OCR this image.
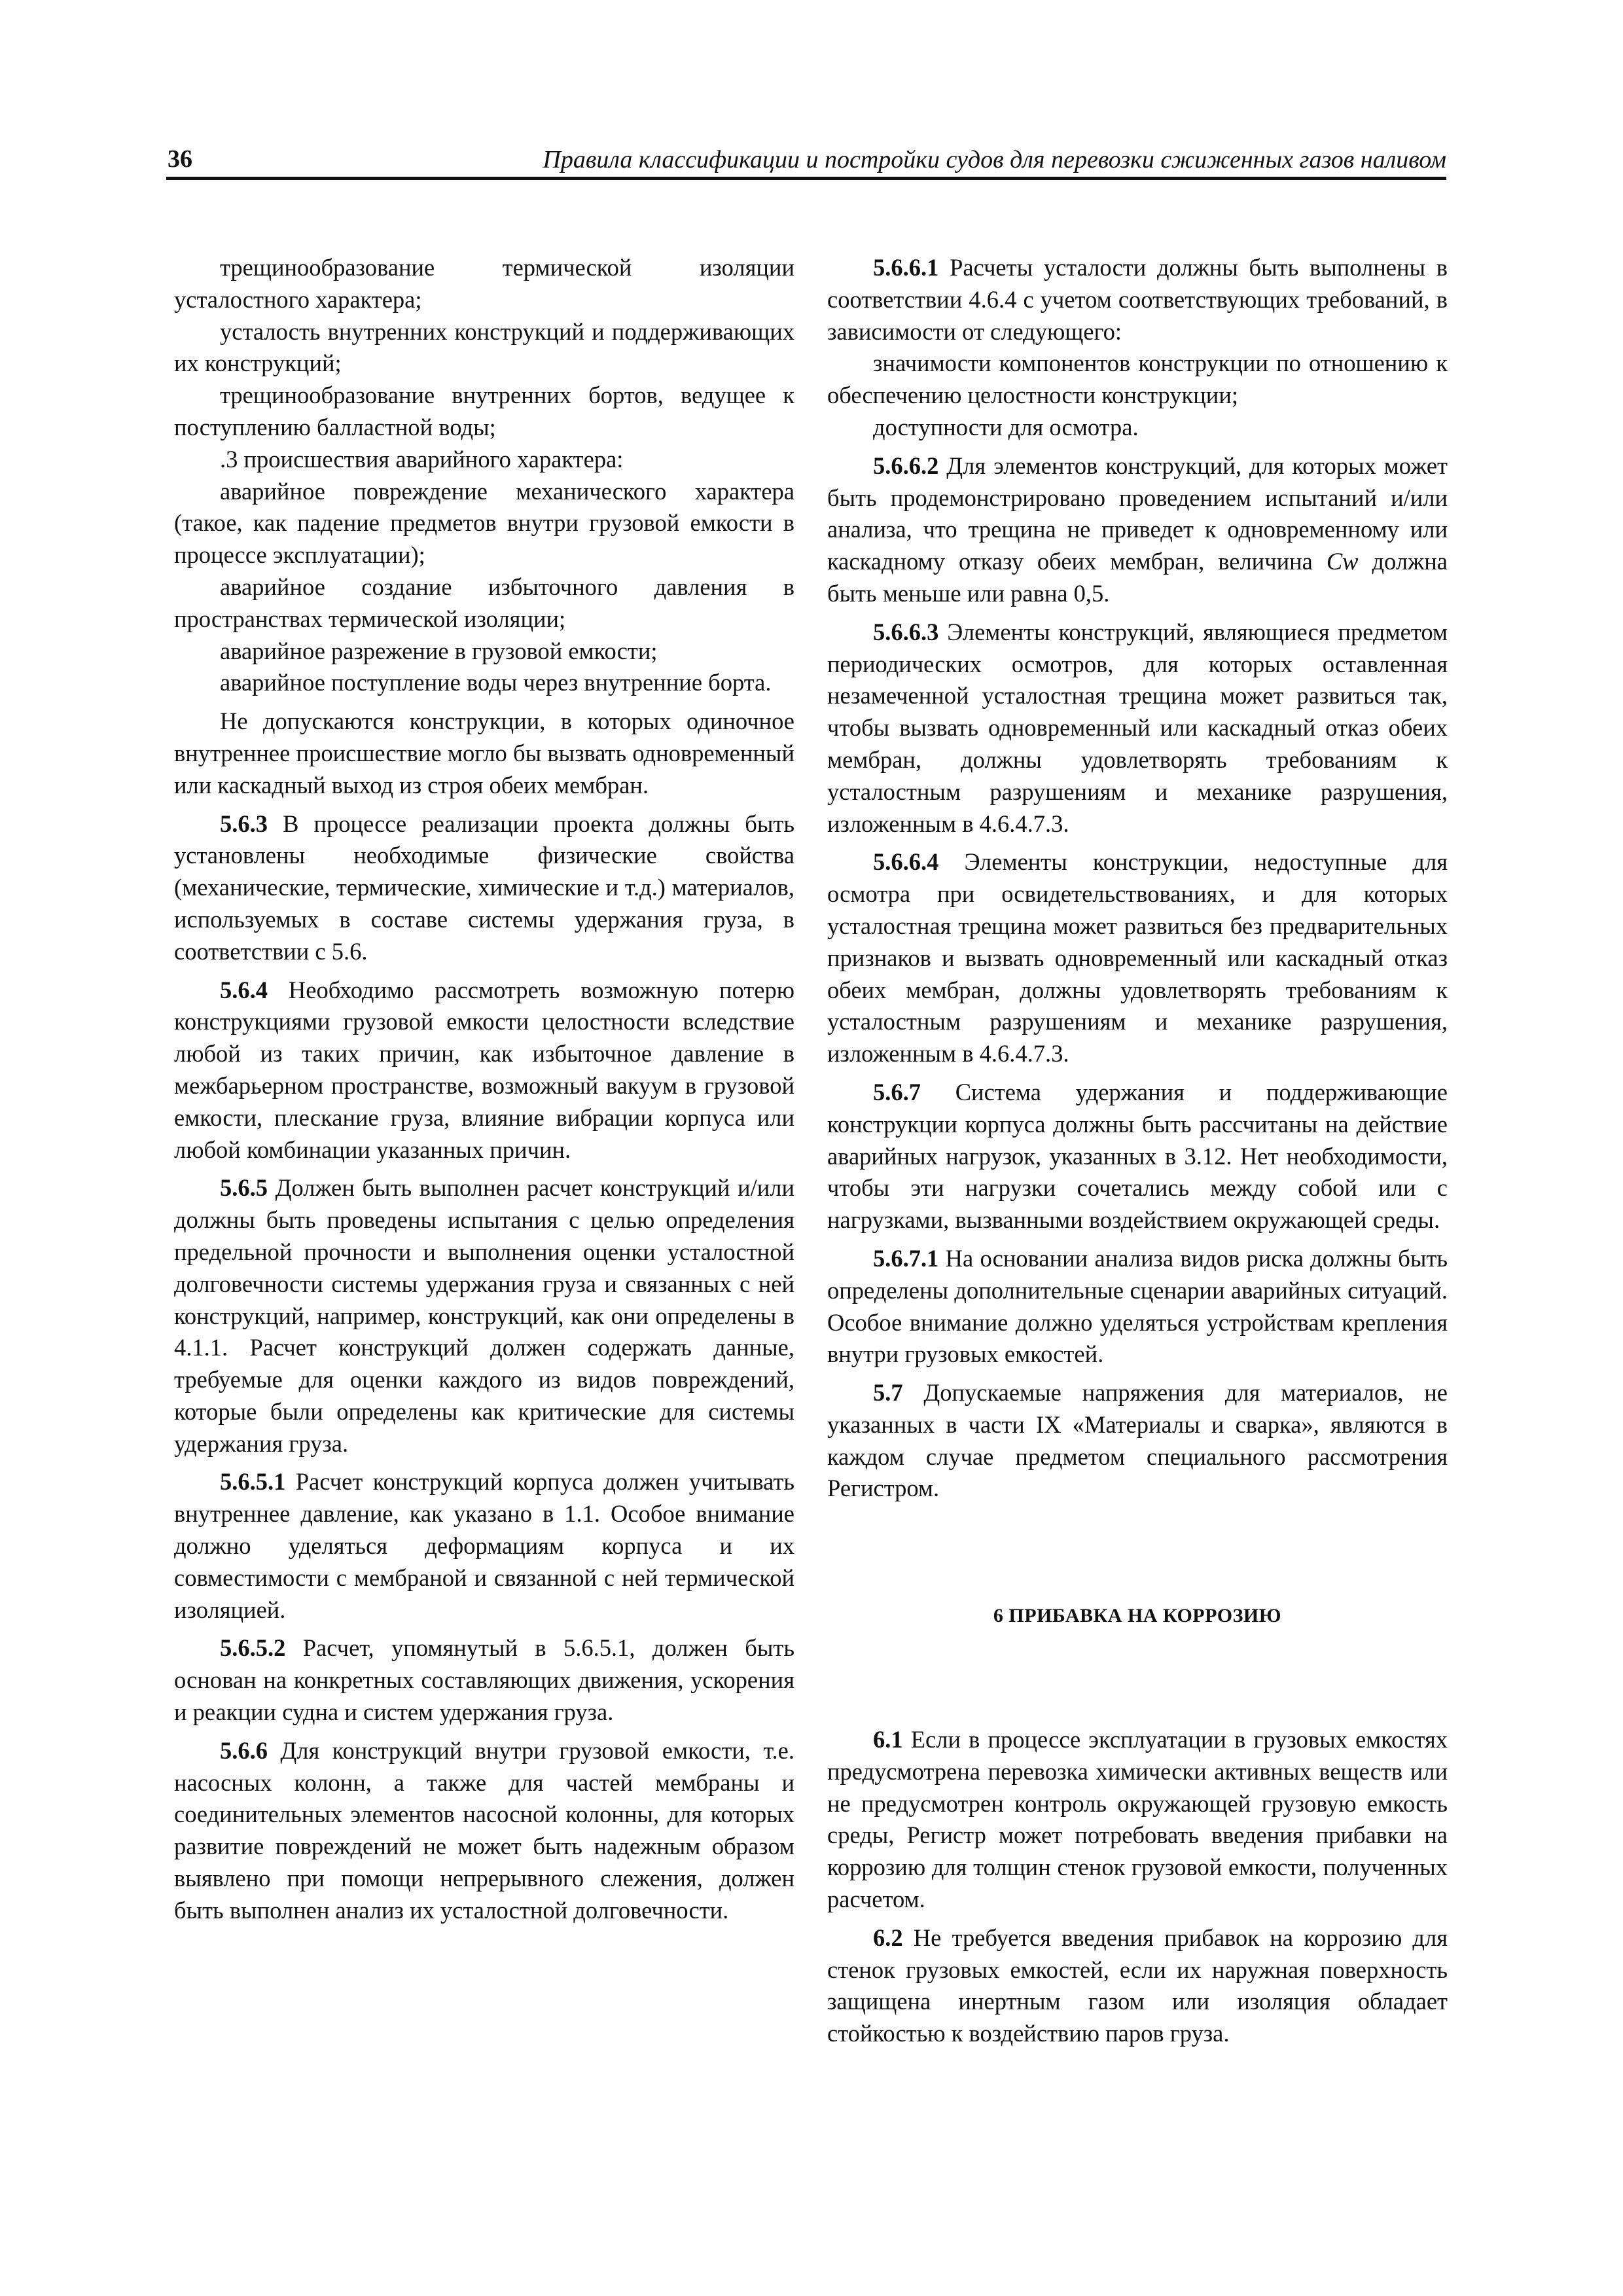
36	Правила классификации и постройки судов для перевозки сжиженных газов наливом

трещинообразование термической изоляции усталостного характера;

усталость внутренних конструкций и поддерживающих их конструкций;

трещинообразование внутренних бортов, ведущее к поступлению балластной воды;

.3 происшествия аварийного характера:

аварийное повреждение механического характера (такое, как падение предметов внутри грузовой емкости в процессе эксплуатации);

аварийное создание избыточного давления в пространствах термической изоляции;

аварийное разрежение в грузовой емкости;

аварийное поступление воды через внутренние борта.

Не допускаются конструкции, в которых одиночное внутреннее происшествие могло бы вызвать одновременный или каскадный выход из строя обеих мембран.

5.6.3 В процессе реализации проекта должны быть установлены необходимые физические свойства (механические, термические, химические и т.д.) материалов, используемых в составе системы удержания груза, в соответствии с 5.6.

5.6.4 Необходимо рассмотреть возможную потерю конструкциями грузовой емкости целостности вследствие любой из таких причин, как избыточное давление в межбарьерном пространстве, возможный вакуум в грузовой емкости, плескание груза, влияние вибрации корпуса или любой комбинации указанных причин.

5.6.5 Должен быть выполнен расчет конструкций и/или должны быть проведены испытания с целью определения предельной прочности и выполнения оценки усталостной долговечности системы удержания груза и связанных с ней конструкций, например, конструкций, как они определены в 4.1.1. Расчет конструкций должен содержать данные, требуемые для оценки каждого из видов повреждений, которые были определены как критические для системы удержания груза.

5.6.5.1 Расчет конструкций корпуса должен учитывать внутреннее давление, как указано в 1.1. Особое внимание должно уделяться деформациям корпуса и их совместимости с мембраной и связанной с ней термической изоляцией.

5.6.5.2 Расчет, упомянутый в 5.6.5.1, должен быть основан на конкретных составляющих движения, ускорения и реакции судна и систем удержания груза.

5.6.6 Для конструкций внутри грузовой емкости, т.е. насосных колонн, а также для частей мембраны и соединительных элементов насосной колонны, для которых развитие повреждений не может быть надежным образом выявлено при помощи непрерывного слежения, должен быть выполнен анализ их усталостной долговечности.

5.6.6.1 Расчеты усталости должны быть выполнены в соответствии 4.6.4 с учетом соответствующих требований, в зависимости от следующего:

значимости компонентов конструкции по отношению к обеспечению целостности конструкции;

доступности для осмотра.

5.6.6.2 Для элементов конструкций, для которых может быть продемонстрировано проведением испытаний и/или анализа, что трещина не приведет к одновременному или каскадному отказу обеих мембран, величина Cw должна быть меньше или равна 0,5.

5.6.6.3 Элементы конструкций, являющиеся предметом периодических осмотров, для которых оставленная незамеченной усталостная трещина может развиться так, чтобы вызвать одновременный или каскадный отказ обеих мембран, должны удовлетворять требованиям к усталостным разрушениям и механике разрушения, изложенным в 4.6.4.7.3.

5.6.6.4 Элементы конструкции, недоступные для осмотра при освидетельствованиях, и для которых усталостная трещина может развиться без предварительных признаков и вызвать одновременный или каскадный отказ обеих мембран, должны удовлетворять требованиям к усталостным разрушениям и механике разрушения, изложенным в 4.6.4.7.3.

5.6.7 Система удержания и поддерживающие конструкции корпуса должны быть рассчитаны на действие аварийных нагрузок, указанных в 3.12. Нет необходимости, чтобы эти нагрузки сочетались между собой или с нагрузками, вызванными воздействием окружающей среды.

5.6.7.1 На основании анализа видов риска должны быть определены дополнительные сценарии аварийных ситуаций. Особое внимание должно уделяться устройствам крепления внутри грузовых емкостей.

5.7 Допускаемые напряжения для материалов, не указанных в части IX «Материалы и сварка», являются в каждом случае предметом специального рассмотрения Регистром.

6 ПРИБАВКА НА КОРРОЗИЮ

6.1 Если в процессе эксплуатации в грузовых емкостях предусмотрена перевозка химически активных веществ или не предусмотрен контроль окружающей грузовую емкость среды, Регистр может потребовать введения прибавки на коррозию для толщин стенок грузовой емкости, полученных расчетом.

6.2 Не требуется введения прибавок на коррозию для стенок грузовых емкостей, если их наружная поверхность защищена инертным газом или изоляция обладает стойкостью к воздействию паров груза.
